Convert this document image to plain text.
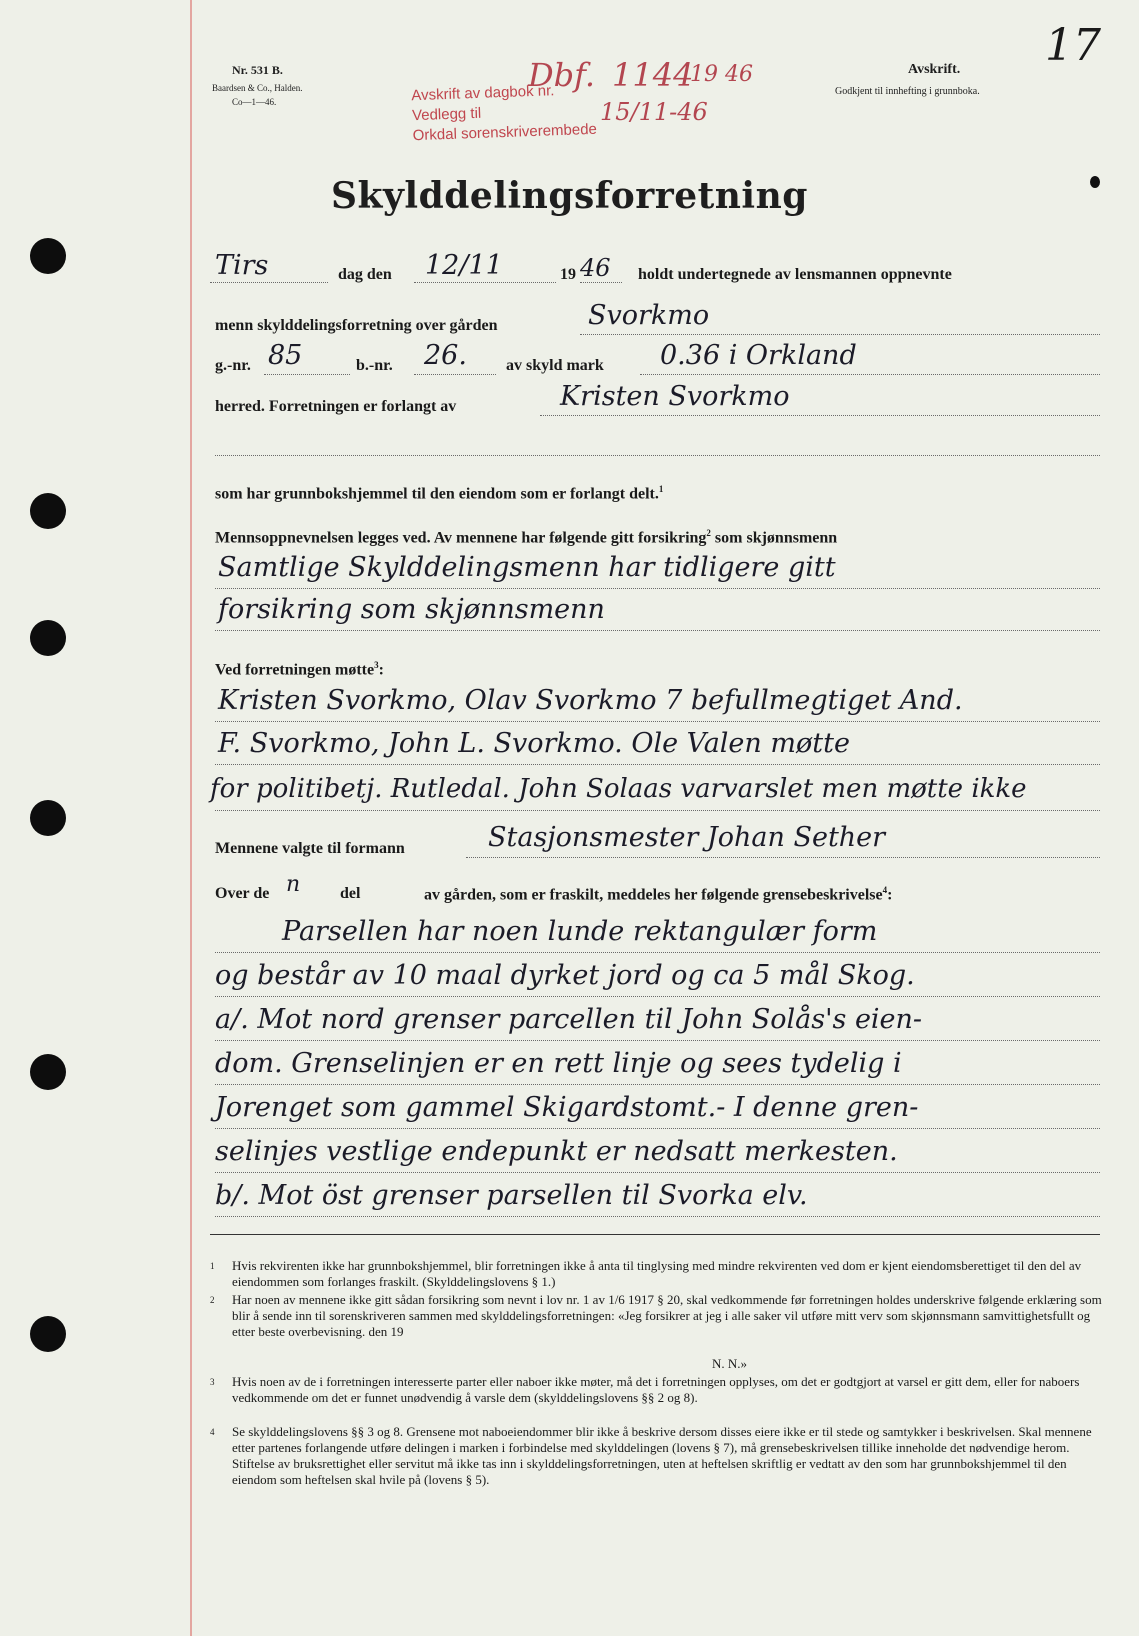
Nr. 531 B.
Baardsen & Co., Halden.
Co—1—46.	Avskrift av dagbok nr.
Vedlegg til
Orkdal sorenskriverembede
Dbf. 1144
19 46
15/11-46
Avskrift.
Godkjent til innhefting i grunnboka.
17
Skylddelingsforretning
Tirs	dag den 12/11	19 46 holdt undertegnede av lensmannen oppnevnte
menn skylddelingsforretning over gården	Svorkmo
g.-nr. 85	b.-nr. 26. av skyld mark 0.36 i Orkland
herred. Forretningen er forlangt av	Kristen Svorkmo
som har grunnbokshjemmel til den eiendom som er forlangt delt.$^1$
Mennsoppnevnelsen legges ved. Av mennene har følgende gitt forsikring$^2$ som skjønnsmenn
Samtlige Skylddelingsmenn har tidligere gitt
forsikring som skjønnsmenn
Ved forretningen møtte$^3$:
Kristen Svorkmo, Olav Svorkmo 7 befullmegtiget And.
F. Svorkmo, John L. Svorkmo. Ole Valen møtte
for politibetj. Rutledal. John Solaas varvarslet men møtte ikke
Mennene valgte til formann	Stasjonsmester Johan Sether
Over de n del	av gården, som er fraskilt, meddeles her følgende grensebeskrivelse$^4$:
Parsellen har noen lunde rektangulær form
og består av 10 maal dyrket jord og ca 5 mål Skog.
a/. Mot nord grenser parcellen til John Solås's eien-
dom. Grenselinjen er en rett linje og sees tydelig i
Jorenget som gammel Skigardstomt.- I denne gren-
selinjes vestlige endepunkt er nedsatt merkesten.
b/. Mot öst grenser parsellen til Svorka elv.
1 Hvis rekvirenten ikke har grunnbokshjemmel, blir forretningen ikke å anta til tinglysing med mindre rekvirenten ved dom er kjent eiendomsberettiget til den del av eiendommen som forlanges fraskilt. (Skylddelingslovens § 1.)
2 Har noen av mennene ikke gitt sådan forsikring som nevnt i lov nr. 1 av 1/6 1917 § 20, skal vedkommende før forretningen holdes underskrive følgende erklæring som blir å sende inn til sorenskriveren sammen med skylddelingsforretningen: «Jeg forsikrer at jeg i alle saker vil utføre mitt verv som skjønnsmann samvittighetsfullt og etter beste overbevisning. den 19
N. N.»
3 Hvis noen av de i forretningen interesserte parter eller naboer ikke møter, må det i forretningen opplyses, om det er godtgjort at varsel er gitt dem, eller for naboers vedkommende om det er funnet unødvendig å varsle dem (skylddelingslovens §§ 2 og 8).
4 Se skylddelingslovens §§ 3 og 8. Grensene mot naboeiendommer blir ikke å beskrive dersom disses eiere ikke er til stede og samtykker i beskrivelsen. Skal mennene etter partenes forlangende utføre delingen i marken i forbindelse med skylddelingen (lovens § 7), må grensebeskrivelsen tillike inneholde det nødvendige herom. Stiftelse av bruksrettighet eller servitut må ikke tas inn i skylddelingsforretningen, uten at heftelsen skriftlig er vedtatt av den som har grunnbokshjemmel til den eiendom som heftelsen skal hvile på (lovens § 5).
